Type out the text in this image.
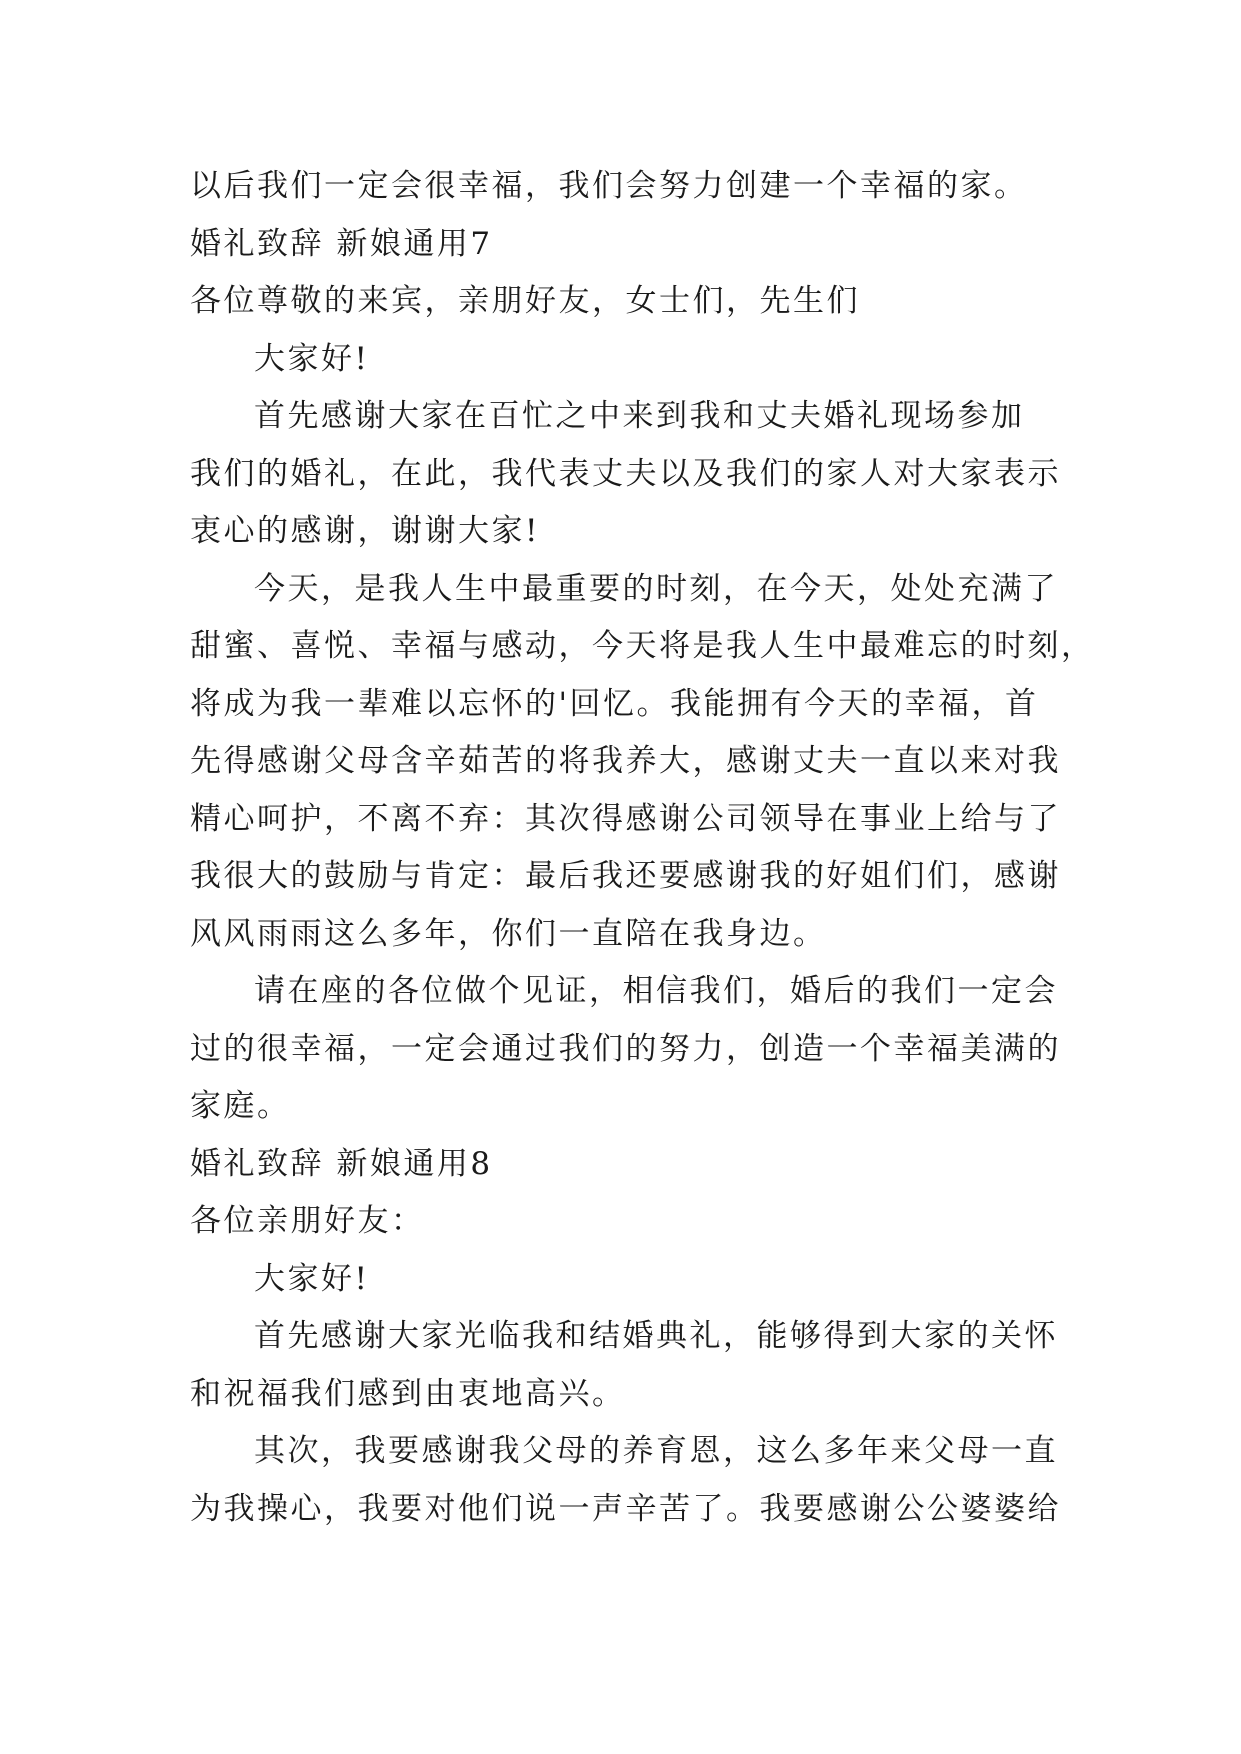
以后我们一定会很幸福，我们会努力创建一个幸福的家。
婚礼致辞 新娘通用7
各位尊敬的来宾，亲朋好友，女士们，先生们
大家好!
首先感谢大家在百忙之中来到我和丈夫婚礼现场参加
我们的婚礼，在此，我代表丈夫以及我们的家人对大家表示
衷心的感谢，谢谢大家!
今天，是我人生中最重要的时刻，在今天，处处充满了
甜蜜、喜悦、幸福与感动，今天将是我人生中最难忘的时刻，
将成为我一辈难以忘怀的'回忆。我能拥有今天的幸福，首
先得感谢父母含辛茹苦的将我养大，感谢丈夫一直以来对我
精心呵护，不离不弃：其次得感谢公司领导在事业上给与了
我很大的鼓励与肯定：最后我还要感谢我的好姐们们，感谢
风风雨雨这么多年，你们一直陪在我身边。
请在座的各位做个见证，相信我们，婚后的我们一定会
过的很幸福，一定会通过我们的努力，创造一个幸福美满的
家庭。
婚礼致辞 新娘通用8
各位亲朋好友：
大家好!
首先感谢大家光临我和结婚典礼，能够得到大家的关怀
和祝福我们感到由衷地高兴。
其次，我要感谢我父母的养育恩，这么多年来父母一直
为我操心，我要对他们说一声辛苦了。我要感谢公公婆婆给
